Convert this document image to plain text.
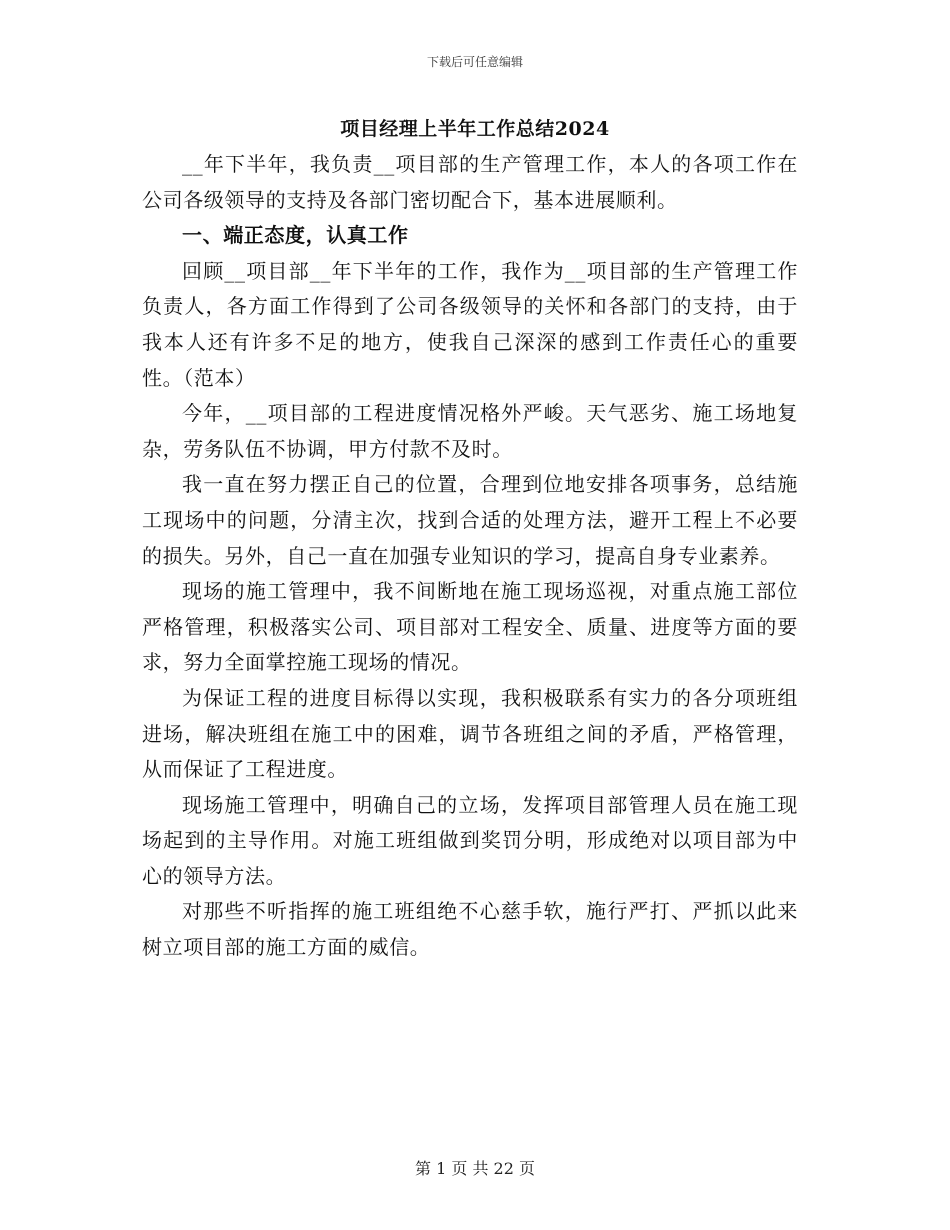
下载后可任意编辑
项目经理上半年工作总结2024

__年下半年，我负责__项目部的生产管理工作，本人的各项工作在公司各级领导的支持及各部门密切配合下，基本进展顺利。

一、端正态度，认真工作

回顾__项目部__年下半年的工作，我作为__项目部的生产管理工作负责人，各方面工作得到了公司各级领导的关怀和各部门的支持，由于我本人还有许多不足的地方，使我自己深深的感到工作责任心的重要性。（范本）

今年，__项目部的工程进度情况格外严峻。天气恶劣、施工场地复杂，劳务队伍不协调，甲方付款不及时。

我一直在努力摆正自己的位置，合理到位地安排各项事务，总结施工现场中的问题，分清主次，找到合适的处理方法，避开工程上不必要的损失。另外，自己一直在加强专业知识的学习，提高自身专业素养。

现场的施工管理中，我不间断地在施工现场巡视，对重点施工部位严格管理，积极落实公司、项目部对工程安全、质量、进度等方面的要求，努力全面掌控施工现场的情况。

为保证工程的进度目标得以实现，我积极联系有实力的各分项班组进场，解决班组在施工中的困难，调节各班组之间的矛盾，严格管理，从而保证了工程进度。

现场施工管理中，明确自己的立场，发挥项目部管理人员在施工现场起到的主导作用。对施工班组做到奖罚分明，形成绝对以项目部为中心的领导方法。

对那些不听指挥的施工班组绝不心慈手软，施行严打、严抓以此来树立项目部的施工方面的威信。

第 1 页 共 22 页
